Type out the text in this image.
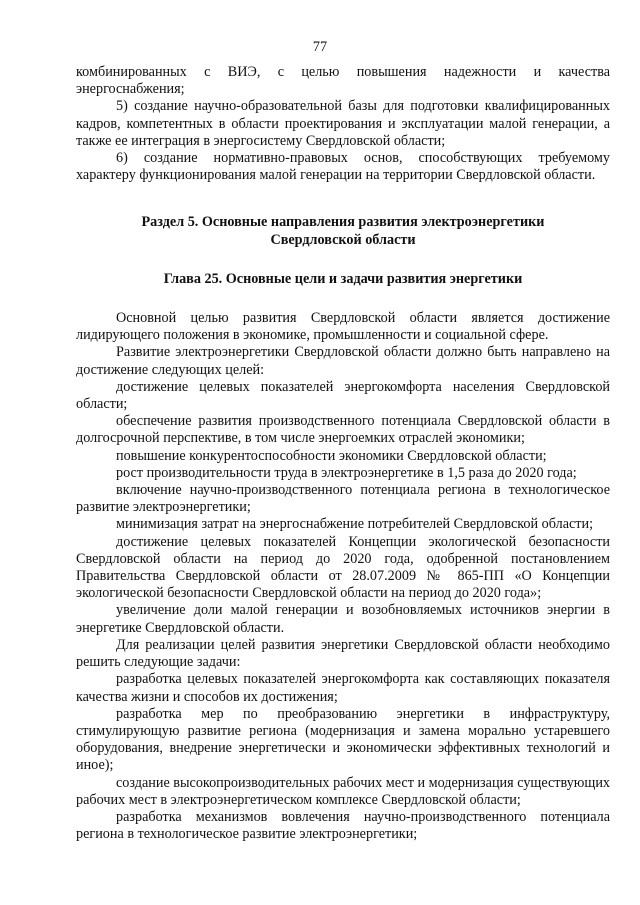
77

комбинированных с ВИЭ, с целью повышения надежности и качества энергоснабжения;

5) создание научно-образовательной базы для подготовки квалифицированных кадров, компетентных в области проектирования и эксплуатации малой генерации, а также ее интеграция в энергосистему Свердловской области;

6) создание нормативно-правовых основ, способствующих требуемому характеру функционирования малой генерации на территории Свердловской области.

Раздел 5. Основные направления развития электроэнергетики
Свердловской области
Глава 25. Основные цели и задачи развития энергетики

Основной целью развития Свердловской области является достижение лидирующего положения в экономике, промышленности и социальной сфере.

Развитие электроэнергетики Свердловской области должно быть направлено на достижение следующих целей:

достижение целевых показателей энергокомфорта населения Свердловской области;

обеспечение развития производственного потенциала Свердловской области в долгосрочной перспективе, в том числе энергоемких отраслей экономики;

повышение конкурентоспособности экономики Свердловской области;

рост производительности труда в электроэнергетике в 1,5 раза до 2020 года;

включение научно-производственного потенциала региона в технологическое развитие электроэнергетики;

минимизация затрат на энергоснабжение потребителей Свердловской области;

достижение целевых показателей Концепции экологической безопасности Свердловской области на период до 2020 года, одобренной постановлением Правительства Свердловской области от 28.07.2009 № 865-ПП «О Концепции экологической безопасности Свердловской области на период до 2020 года»;

увеличение доли малой генерации и возобновляемых источников энергии в энергетике Свердловской области.

Для реализации целей развития энергетики Свердловской области необходимо решить следующие задачи:

разработка целевых показателей энергокомфорта как составляющих показателя качества жизни и способов их достижения;

разработка мер по преобразованию энергетики в инфраструктуру, стимулирующую развитие региона (модернизация и замена морально устаревшего оборудования, внедрение энергетически и экономически эффективных технологий и иное);

создание высокопроизводительных рабочих мест и модернизация существующих рабочих мест в электроэнергетическом комплексе Свердловской области;

разработка механизмов вовлечения научно-производственного потенциала региона в технологическое развитие электроэнергетики;
